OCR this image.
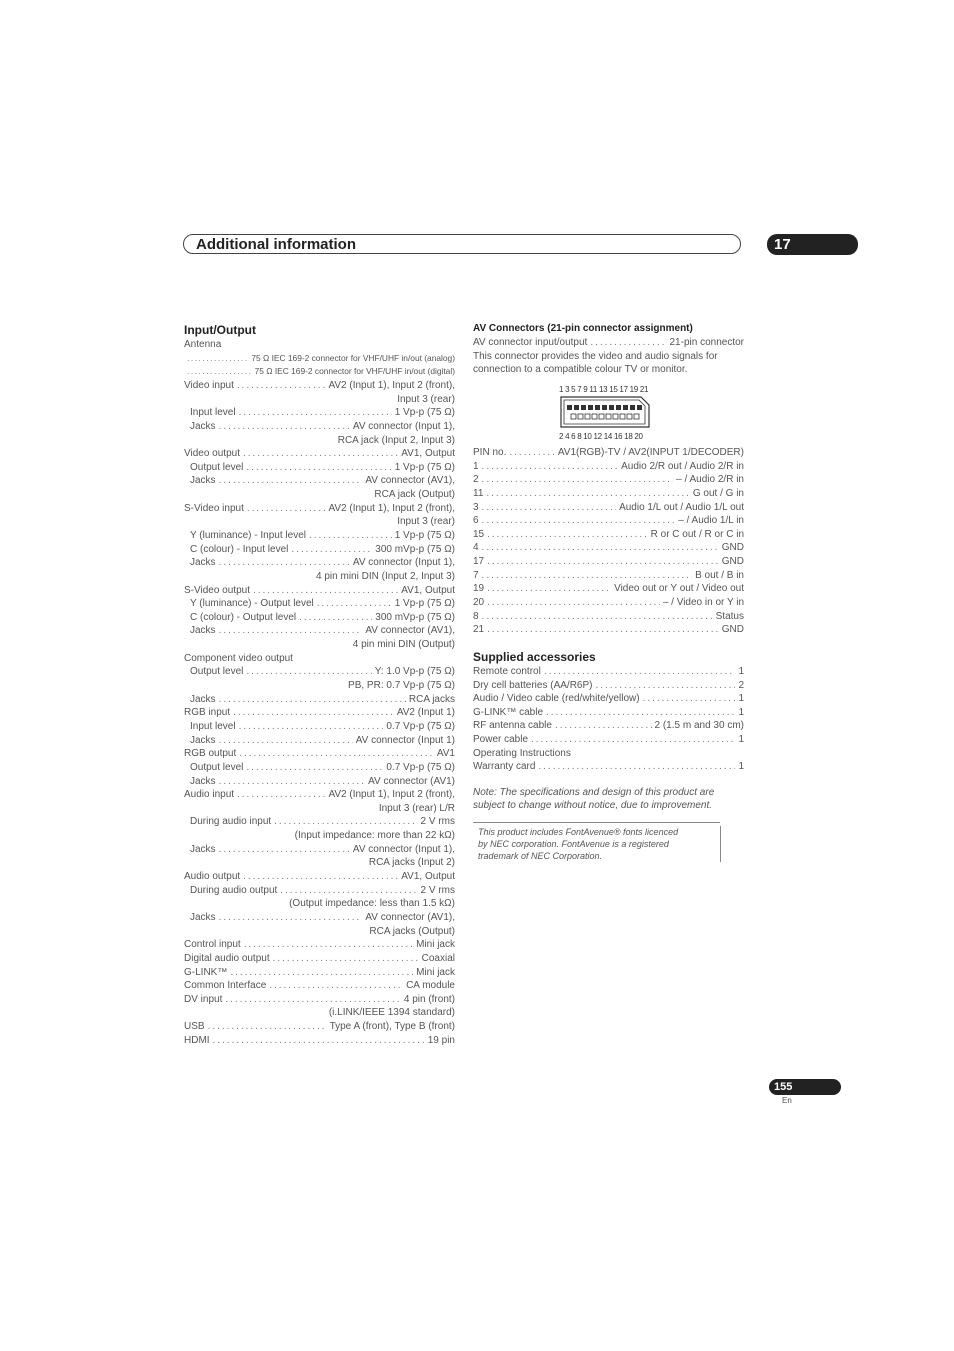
Additional information	17
Input/Output
Antenna
. . .
75 Ω IEC 169-2 connector for VHF/UHF in/out (analog)
. . .
75 Ω IEC 169-2 connector for VHF/UHF in/out (digital)
Video input . . .	AV2 (Input 1), Input 2 (front),
Input 3 (rear)
Input level . . .	1 Vp-p (75 Ω)
Jacks . . .	AV connector (Input 1),
RCA jack (Input 2, Input 3)
Video output . . .	AV1, Output
Output level . . .	1 Vp-p (75 Ω)
Jacks . . .	AV connector (AV1),
RCA jack (Output)
S-Video input . . .	AV2 (Input 1), Input 2 (front),
Input 3 (rear)
Y (luminance) - Input level . . .	1 Vp-p (75 Ω)
C (colour) - Input level . . .	300 mVp-p (75 Ω)
Jacks . . .	AV connector (Input 1),
4 pin mini DIN (Input 2, Input 3)
S-Video output . . .	AV1, Output
Y (luminance) - Output level . . .	1 Vp-p (75 Ω)
C (colour) - Output level . . .	300 mVp-p (75 Ω)
Jacks . . .	AV connector (AV1),
4 pin mini DIN (Output)
Component video output
Output level . . .	Y: 1.0 Vp-p (75 Ω)
PB, PR: 0.7 Vp-p (75 Ω)
Jacks . . .	RCA jacks
RGB input . . .	AV2 (Input 1)
Input level . . .	0.7 Vp-p (75 Ω)
Jacks . . .	AV connector (Input 1)
RGB output . . .	AV1
Output level . . .	0.7 Vp-p (75 Ω)
Jacks . . .	AV connector (AV1)
Audio input . . .	AV2 (Input 1), Input 2 (front),
Input 3 (rear) L/R
During audio input . . .	2 V rms
(Input impedance: more than 22 kΩ)
Jacks . . .	AV connector (Input 1),
RCA jacks (Input 2)
Audio output . . .	AV1, Output
During audio output . . .	2 V rms
(Output impedance: less than 1.5 kΩ)
Jacks . . .	AV connector (AV1),
RCA jacks (Output)
Control input . . .	Mini jack
Digital audio output . . .	Coaxial
G-LINK™ . . .	Mini jack
Common Interface . . .	CA module
DV input . . .	4 pin (front)
(i.LINK/IEEE 1394 standard)
USB . . .	Type A (front), Type B (front)
HDMI . . .	19 pin
AV Connectors (21-pin connector assignment)
AV connector input/output . . .	21-pin connector
This connector provides the video and audio signals for
connection to a compatible colour TV or monitor.
1 3 5 7 9 11 13 15 17 19 21
2 4 6 8 10 12 14 16 18 20
PIN no. . . .	AV1(RGB)-TV / AV2(INPUT 1/DECODER)
1 . . .	Audio 2/R out / Audio 2/R in
2 . . .	– / Audio 2/R in
11 . . .	G out / G in
3 . . .	Audio 1/L out / Audio 1/L out
6 . . .	– / Audio 1/L in
15 . . .	R or C out / R or C in
4 . . .	GND
17 . . .	GND
7 . . .	B out / B in
19 . . .	Video out or Y out / Video out
20 . . .	– / Video in or Y in
8 . . .	Status
21 . . .	GND
Supplied accessories
Remote control . . .	1
Dry cell batteries (AA/R6P) . . .	2
Audio / Video cable (red/white/yellow) . . .	1
G-LINK™ cable . . .	1
RF antenna cable . . .	2 (1.5 m and 30 cm)
Power cable . . .	1
Operating Instructions
Warranty card . . .	1
Note: The specifications and design of this product are
subject to change without notice, due to improvement.
This product includes FontAvenue® fonts licenced
by NEC corporation. FontAvenue is a registered
trademark of NEC Corporation.
155
En
